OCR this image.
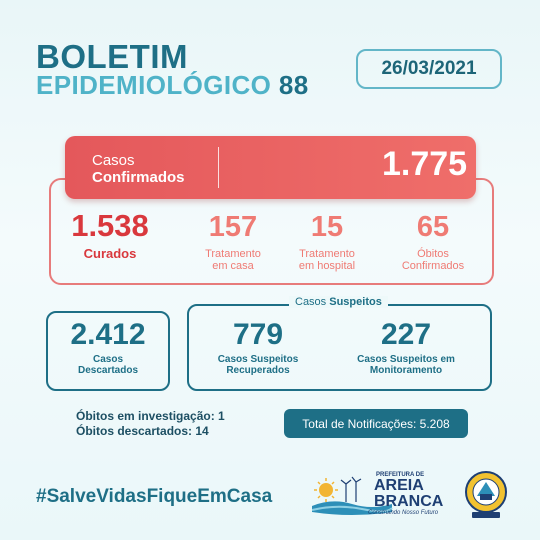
BOLETIM
EPIDEMIOLÓGICO 88
26/03/2021
Casos
Confirmados	1.775
1.538
Curados
157
Tratamento
em casa
15
Tratamento
em hospital
65
Óbitos
Confirmados
2.412
Casos
Descartados
Casos Suspeitos
779
Casos Suspeitos
Recuperados
227
Casos Suspeitos em
Monitoramento
Óbitos em investigação: 1
Óbitos descartados: 14
Total de Notificações: 5.208
#SalveVidasFiqueEmCasa
PREFEITURA DE
AREIA
BRANCA
Construindo Nosso Futuro
